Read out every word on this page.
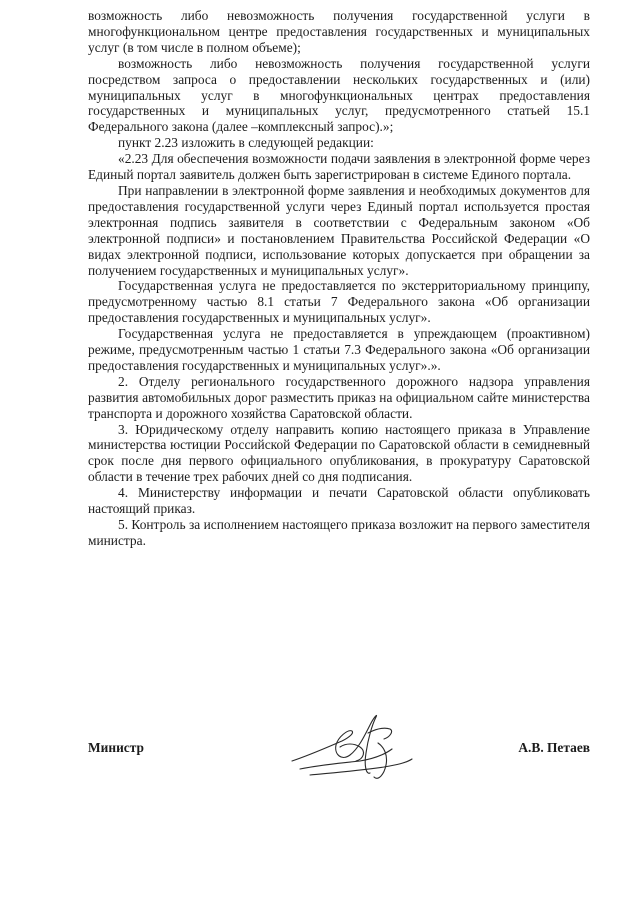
возможность либо невозможность получения государственной услуги в многофункциональном центре предоставления государственных и муниципальных услуг (в том числе в полном объеме);

возможность либо невозможность получения государственной услуги посредством запроса о предоставлении нескольких государственных и (или) муниципальных услуг в многофункциональных центрах предоставления государственных и муниципальных услуг, предусмотренного статьей 15.1 Федерального закона (далее –комплексный запрос).»;

пункт 2.23 изложить в следующей редакции:

«2.23 Для обеспечения возможности подачи заявления в электронной форме через Единый портал заявитель должен быть зарегистрирован в системе Единого портала.

При направлении в электронной форме заявления и необходимых документов для предоставления государственной услуги через Единый портал используется простая электронная подпись заявителя в соответствии с Федеральным законом «Об электронной подписи» и постановлением Правительства Российской Федерации «О видах электронной подписи, использование которых допускается при обращении за получением государственных и муниципальных услуг».

Государственная услуга не предоставляется по экстерриториальному принципу, предусмотренному частью 8.1 статьи 7 Федерального закона «Об организации предоставления государственных и муниципальных услуг».

Государственная услуга не предоставляется в упреждающем (проактивном) режиме, предусмотренным частью 1 статьи 7.3 Федерального закона «Об организации предоставления государственных и муниципальных услуг».».

2. Отделу регионального государственного дорожного надзора управления развития автомобильных дорог разместить приказ на официальном сайте министерства транспорта и дорожного хозяйства Саратовской области.

3. Юридическому отделу направить копию настоящего приказа в Управление министерства юстиции Российской Федерации по Саратовской области в семидневный срок после дня первого официального опубликования, в прокуратуру Саратовской области в течение трех рабочих дней со дня подписания.

4. Министерству информации и печати Саратовской области опубликовать настоящий приказ.

5. Контроль за исполнением настоящего приказа возложит на первого заместителя министра.

Министр	А.В. Петаев
